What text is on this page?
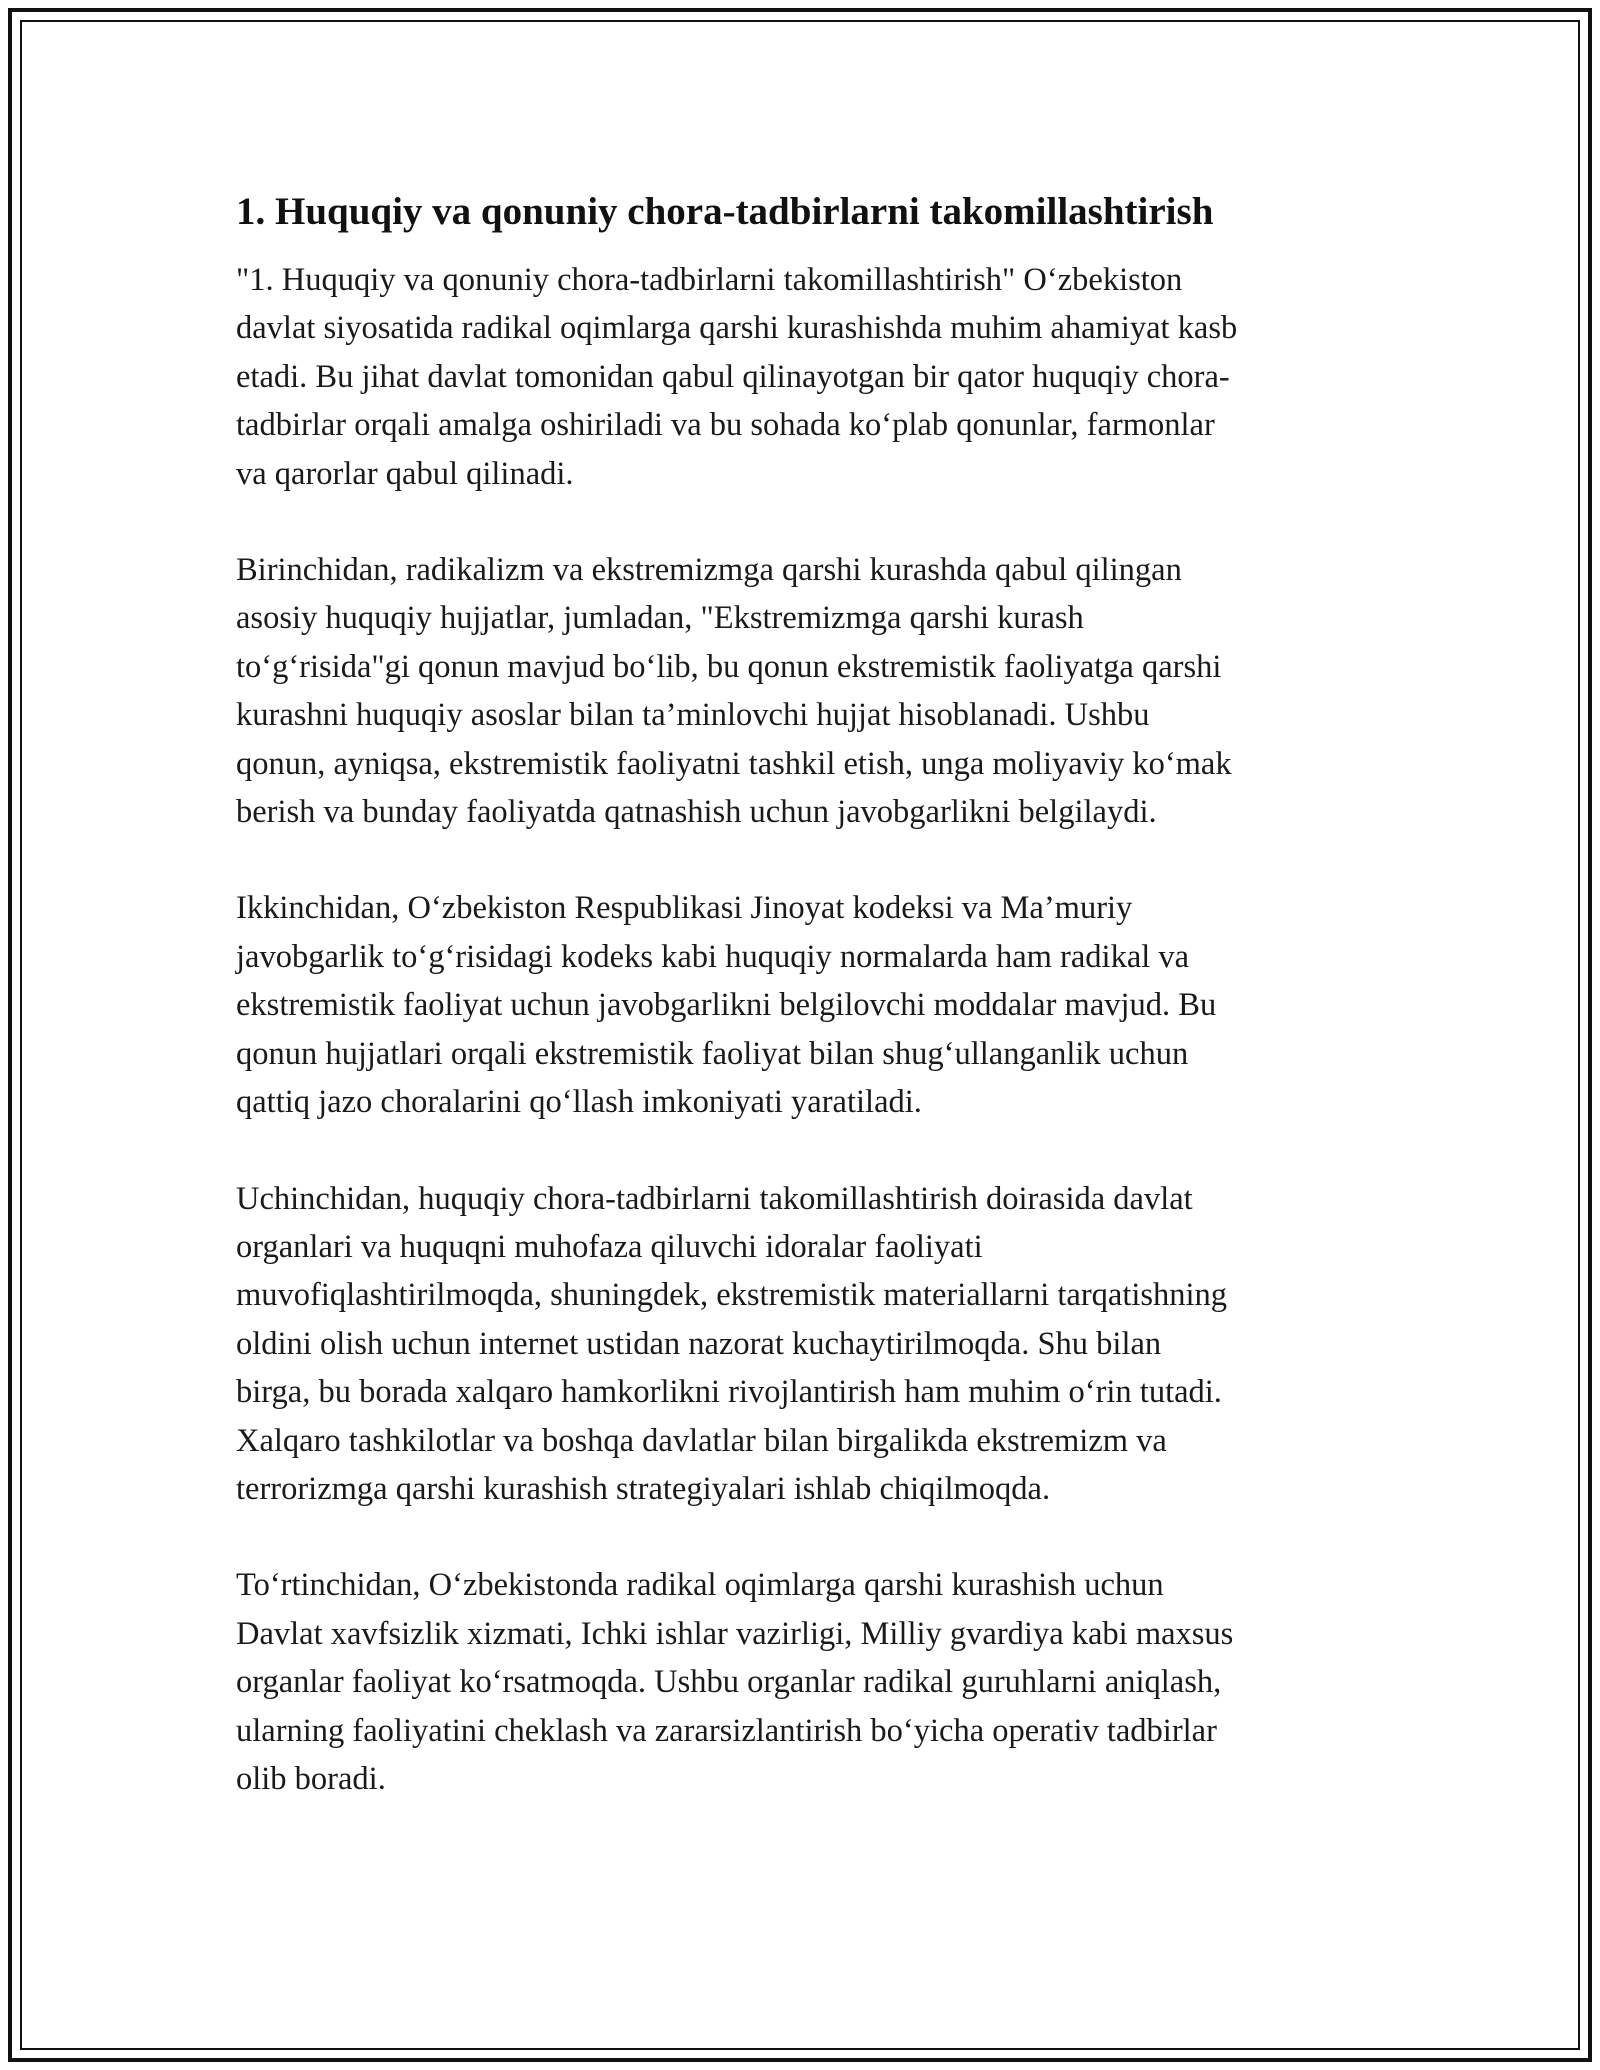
1. Huquqiy va qonuniy chora-tadbirlarni takomillashtirish

"1. Huquqiy va qonuniy chora-tadbirlarni takomillashtirish" O‘zbekiston
davlat siyosatida radikal oqimlarga qarshi kurashishda muhim ahamiyat kasb
etadi. Bu jihat davlat tomonidan qabul qilinayotgan bir qator huquqiy chora-
tadbirlar orqali amalga oshiriladi va bu sohada ko‘plab qonunlar, farmonlar
va qarorlar qabul qilinadi.

Birinchidan, radikalizm va ekstremizmga qarshi kurashda qabul qilingan
asosiy huquqiy hujjatlar, jumladan, "Ekstremizmga qarshi kurash
to‘g‘risida"gi qonun mavjud bo‘lib, bu qonun ekstremistik faoliyatga qarshi
kurashni huquqiy asoslar bilan ta’minlovchi hujjat hisoblanadi. Ushbu
qonun, ayniqsa, ekstremistik faoliyatni tashkil etish, unga moliyaviy ko‘mak
berish va bunday faoliyatda qatnashish uchun javobgarlikni belgilaydi.

Ikkinchidan, O‘zbekiston Respublikasi Jinoyat kodeksi va Ma’muriy
javobgarlik to‘g‘risidagi kodeks kabi huquqiy normalarda ham radikal va
ekstremistik faoliyat uchun javobgarlikni belgilovchi moddalar mavjud. Bu
qonun hujjatlari orqali ekstremistik faoliyat bilan shug‘ullanganlik uchun
qattiq jazo choralarini qo‘llash imkoniyati yaratiladi.

Uchinchidan, huquqiy chora-tadbirlarni takomillashtirish doirasida davlat
organlari va huquqni muhofaza qiluvchi idoralar faoliyati
muvofiqlashtirilmoqda, shuningdek, ekstremistik materiallarni tarqatishning
oldini olish uchun internet ustidan nazorat kuchaytirilmoqda. Shu bilan
birga, bu borada xalqaro hamkorlikni rivojlantirish ham muhim o‘rin tutadi.
Xalqaro tashkilotlar va boshqa davlatlar bilan birgalikda ekstremizm va
terrorizmga qarshi kurashish strategiyalari ishlab chiqilmoqda.

To‘rtinchidan, O‘zbekistonda radikal oqimlarga qarshi kurashish uchun
Davlat xavfsizlik xizmati, Ichki ishlar vazirligi, Milliy gvardiya kabi maxsus
organlar faoliyat ko‘rsatmoqda. Ushbu organlar radikal guruhlarni aniqlash,
ularning faoliyatini cheklash va zararsizlantirish bo‘yicha operativ tadbirlar
olib boradi.
